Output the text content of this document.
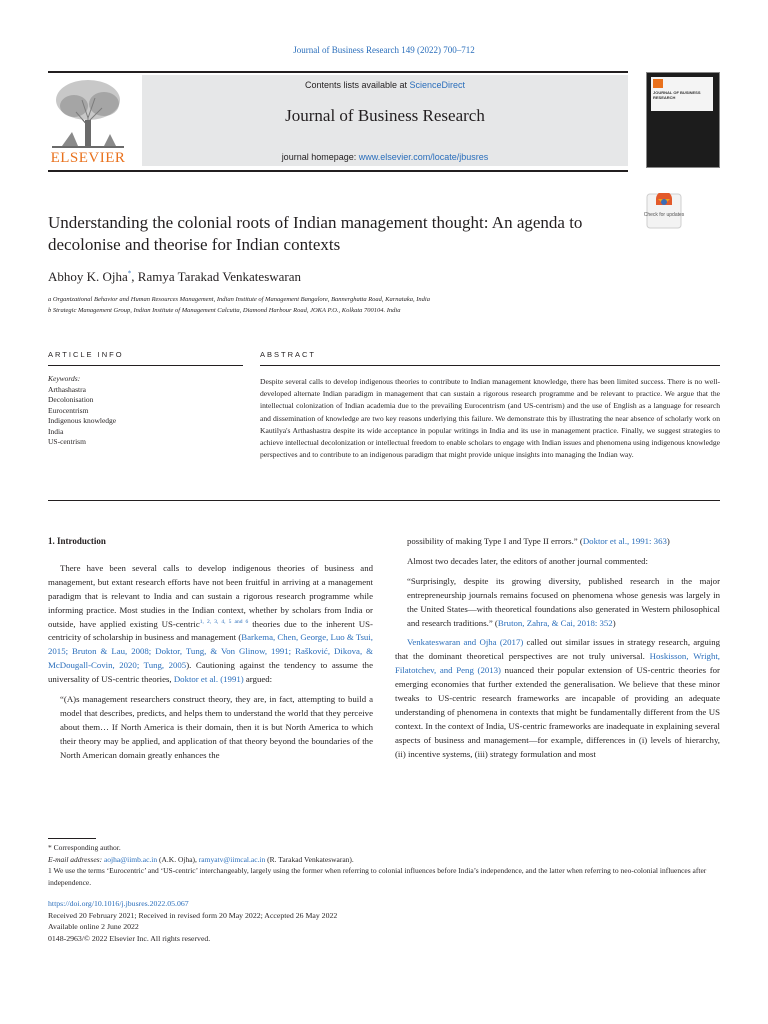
Journal of Business Research 149 (2022) 700–712
ELSEVIER
Contents lists available at ScienceDirect
Journal of Business Research
journal homepage: www.elsevier.com/locate/jbusres
JOURNAL OF BUSINESS RESEARCH
Check for updates
Understanding the colonial roots of Indian management thought: An agenda to decolonise and theorise for Indian contexts
Abhoy K. Ojha*, Ramya Tarakad Venkateswaran
a Organizational Behavior and Human Resources Management, Indian Institute of Management Bangalore, Bannerghatta Road, Karnataka, India
b Strategic Management Group, Indian Institute of Management Calcutta, Diamond Harbour Road, JOKA P.O., Kolkata 700104. India
ARTICLE INFO	ABSTRACT
Keywords:
Arthashastra
Decolonisation
Eurocentrism
Indigenous knowledge
India
US-centrism
Despite several calls to develop indigenous theories to contribute to Indian management knowledge, there has been limited success. There is no well-developed alternate Indian paradigm in management that can sustain a rigorous research programme and be relevant to practice. We argue that the intellectual colonization of Indian academia due to the prevailing Eurocentrism (and US-centrism) and the use of English as a language for research and dissemination of knowledge are two key reasons underlying this failure. We demonstrate this by illustrating the near absence of scholarly work on Kautilya's Arthashastra despite its wide acceptance in popular writings in India and its use in management practice. Finally, we suggest strategies to achieve intellectual decolonization or intellectual freedom to enable scholars to engage with Indian issues and phenomena using indigenous knowledge perspectives and to contribute to an indigenous paradigm that might provide unique insights into managing the Indian way.
1. Introduction

There have been several calls to develop indigenous theories of business and management, but extant research efforts have not been fruitful in arriving at a management paradigm that is relevant to India and can sustain a rigorous research programme while informing practice. Most studies in the Indian context, whether by scholars from India or outside, have applied existing US-centric$^{1, 2, 3, 4, 5 and 6}$ theories due to the inherent US-centricity of scholarship in business and management (Barkema, Chen, George, Luo & Tsui, 2015; Bruton & Lau, 2008; Doktor, Tung, & Von Glinow, 1991; Rašković, Dikova, & McDougall-Covin, 2020; Tung, 2005). Cautioning against the tendency to assume the universality of US-centric theories, Doktor et al. (1991) argued:

“(A)s management researchers construct theory, they are, in fact, attempting to build a model that describes, predicts, and helps them to understand the world that they perceive about them… If North America is their domain, then it is but North America to which their theory may be applied, and application of that theory beyond the boundaries of the North American domain greatly enhances the

possibility of making Type I and Type II errors.” (Doktor et al., 1991: 363)

Almost two decades later, the editors of another journal commented:

“Surprisingly, despite its growing diversity, published research in the major entrepreneurship journals remains focused on phenomena whose genesis was largely in the United States—with theoretical foundations also generated in Western philosophical and research traditions.” (Bruton, Zahra, & Cai, 2018: 352)

Venkateswaran and Ojha (2017) called out similar issues in strategy research, arguing that the dominant theoretical perspectives are not truly universal. Hoskisson, Wright, Filatotchev, and Peng (2013) nuanced their popular extension of US-centric theories for emerging economies that further extended the generalisation. We believe that these minor tweaks to US-centric research frameworks are incapable of providing an adequate understanding of phenomena in contexts that might be fundamentally different from the US context. In the context of India, US-centric frameworks are inadequate in explaining several aspects of business and management—for example, differences in (i) levels of hierarchy, (ii) incentive systems, (iii) strategy formulation and most

* Corresponding author.

E-mail addresses: aojha@iimb.ac.in (A.K. Ojha), ramyatv@iimcal.ac.in (R. Tarakad Venkateswaran).

1 We use the terms ‘Eurocentric’ and ‘US-centric’ interchangeably, largely using the former when referring to colonial influences before India’s independence, and the latter when referring to neo-colonial influences after independence.

https://doi.org/10.1016/j.jbusres.2022.05.067

Received 20 February 2021; Received in revised form 20 May 2022; Accepted 26 May 2022

Available online 2 June 2022

0148-2963/© 2022 Elsevier Inc. All rights reserved.
